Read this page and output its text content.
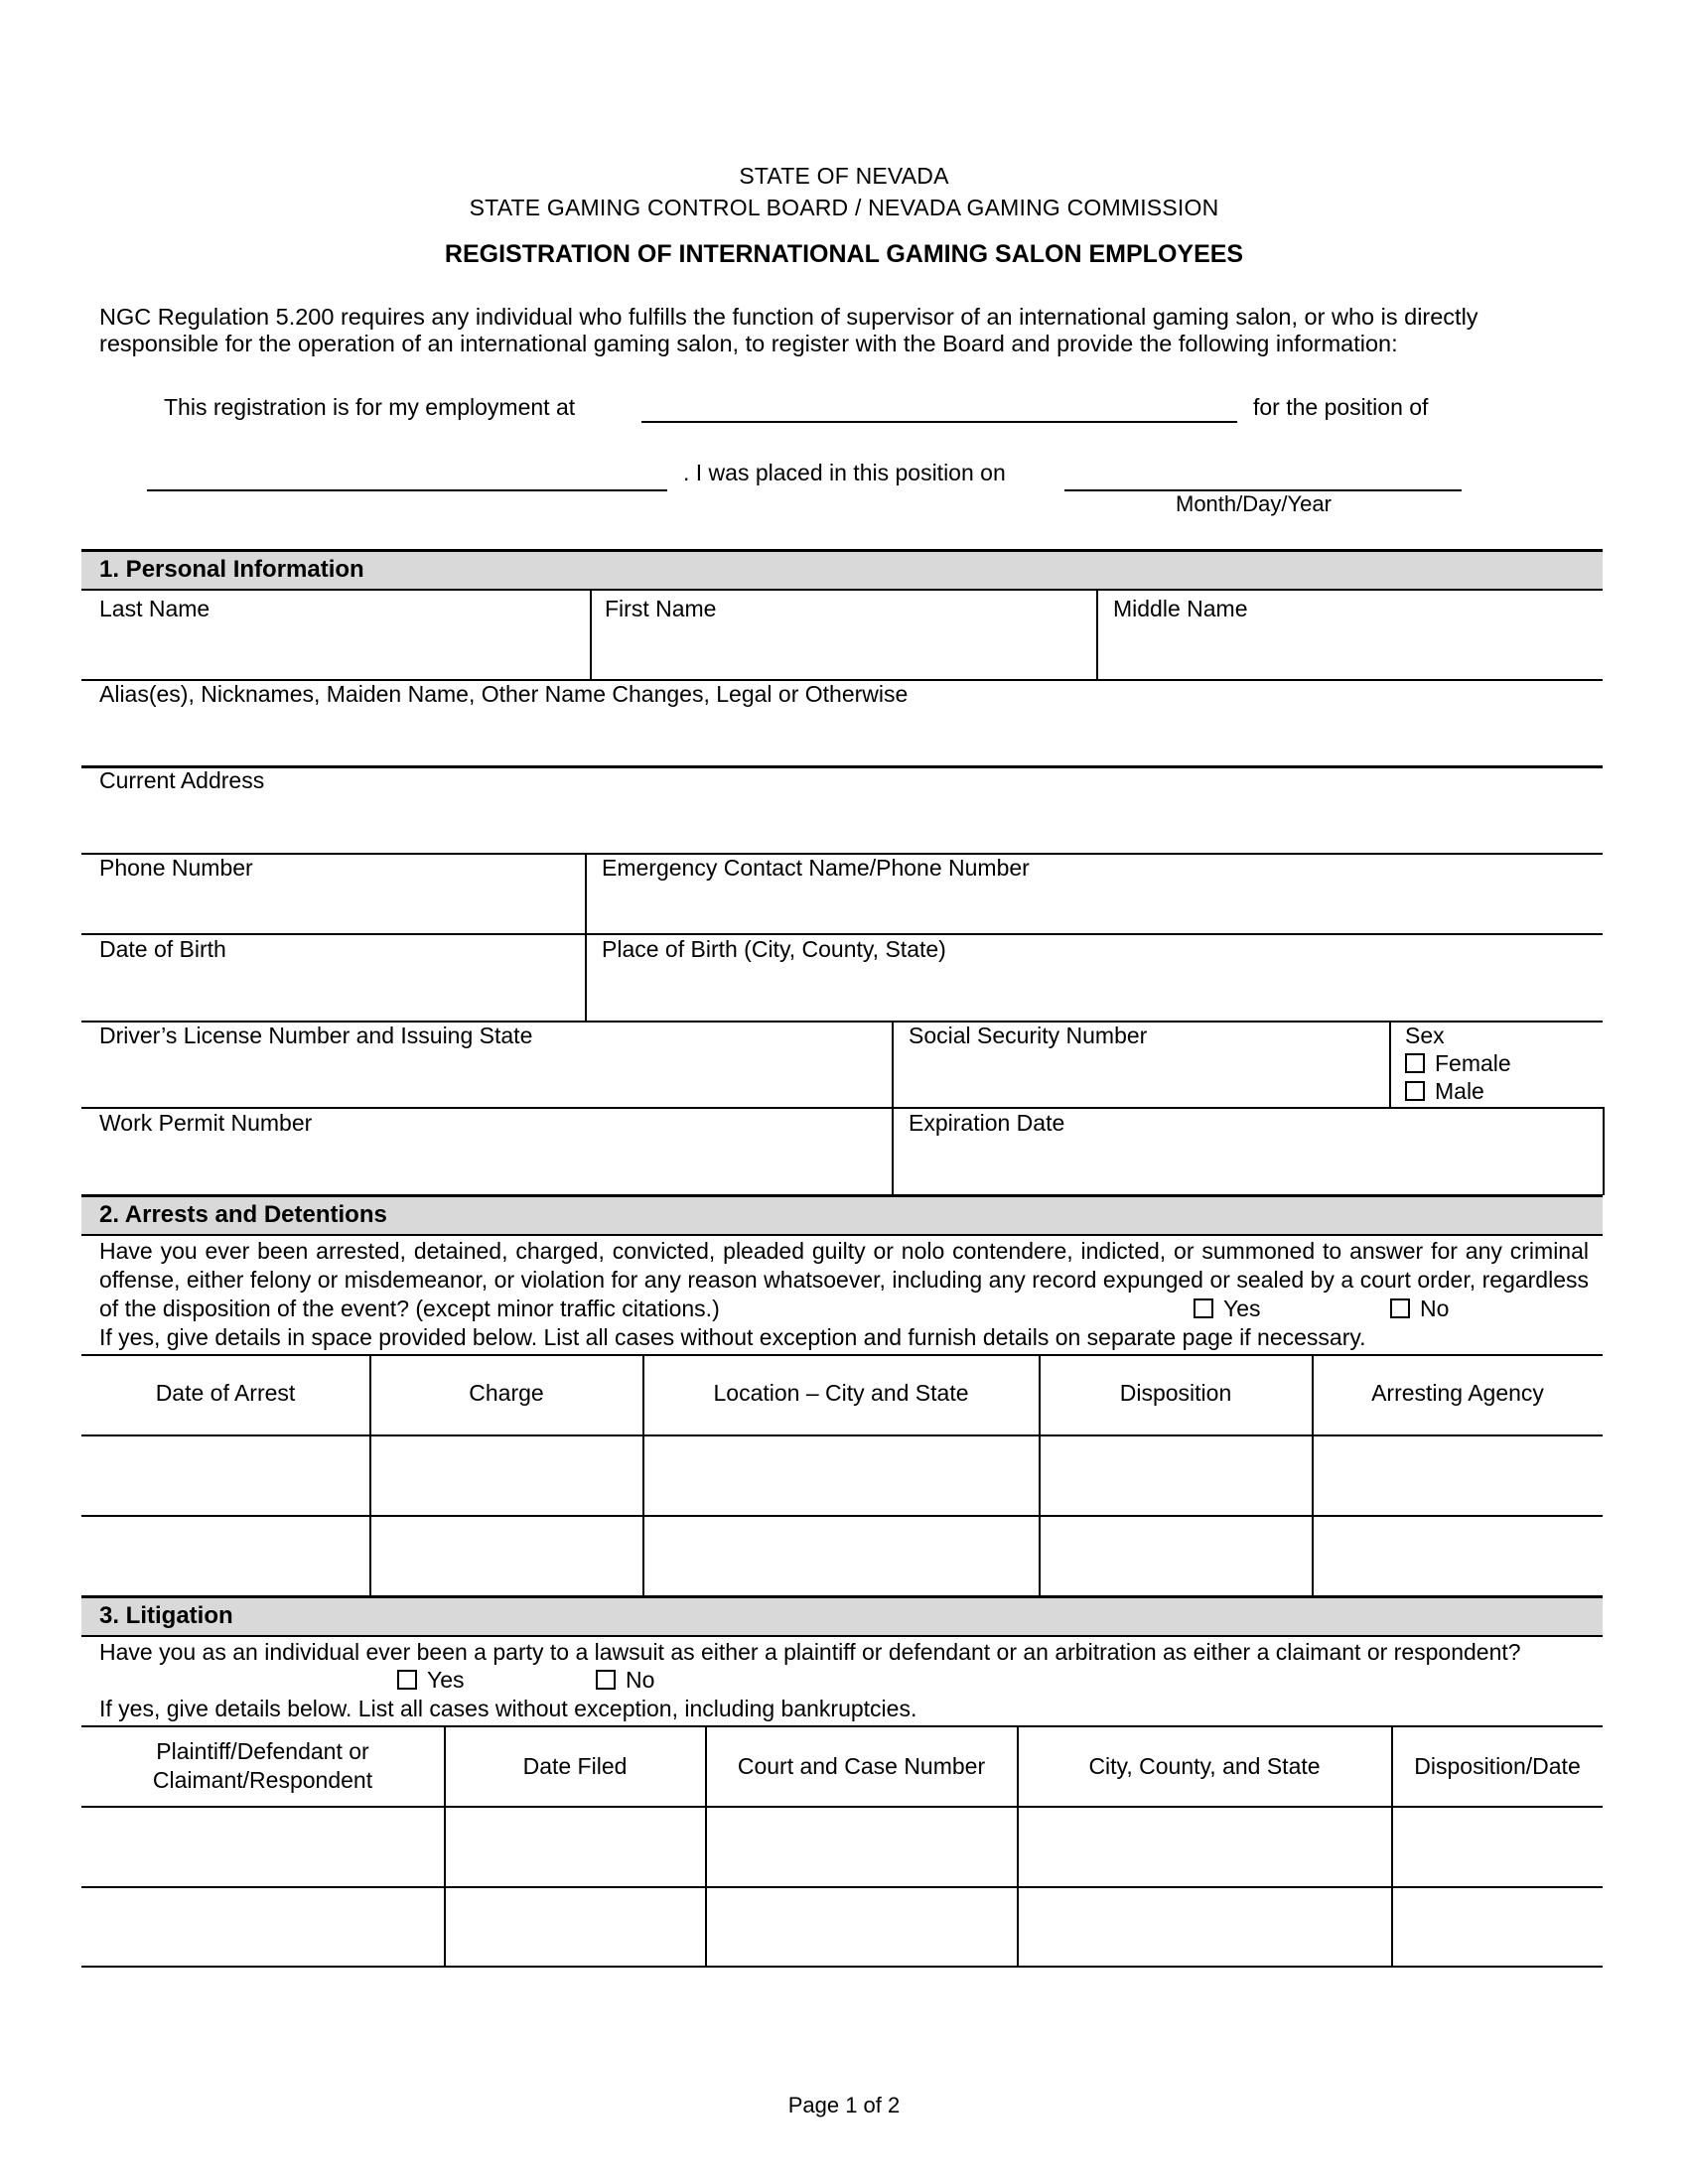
STATE OF NEVADA
STATE GAMING CONTROL BOARD / NEVADA GAMING COMMISSION
REGISTRATION OF INTERNATIONAL GAMING SALON EMPLOYEES
NGC Regulation 5.200 requires any individual who fulfills the function of supervisor of an international gaming salon, or who is directly responsible for the operation of an international gaming salon, to register with the Board and provide the following information:
This registration is for my employment at	for the position of
. I was placed in this position on
Month/Day/Year
1. Personal Information
Last Name	First Name	Middle Name
Alias(es), Nicknames, Maiden Name, Other Name Changes, Legal or Otherwise
Current Address
Phone Number	Emergency Contact Name/Phone Number
Date of Birth	Place of Birth (City, County, State)
Driver’s License Number and Issuing State	Social Security Number	Sex
Female
Male
Work Permit Number	Expiration Date
2. Arrests and Detentions
Have you ever been arrested, detained, charged, convicted, pleaded guilty or nolo contendere, indicted, or summoned to answer for any criminal offense, either felony or misdemeanor, or violation for any reason whatsoever, including any record expunged or sealed by a court order, regardless of the disposition of the event? (except minor traffic citations.)	Yes	No
If yes, give details in space provided below. List all cases without exception and furnish details on separate page if necessary.
Date of Arrest	Charge	Location – City and State	Disposition	Arresting Agency
3. Litigation
Have you as an individual ever been a party to a lawsuit as either a plaintiff or defendant or an arbitration as either a claimant or respondent?
Yes	No
If yes, give details below. List all cases without exception, including bankruptcies.
Plaintiff/Defendant or
Claimant/Respondent
Date Filed	Court and Case Number	City, County, and State	Disposition/Date
Page 1 of 2
